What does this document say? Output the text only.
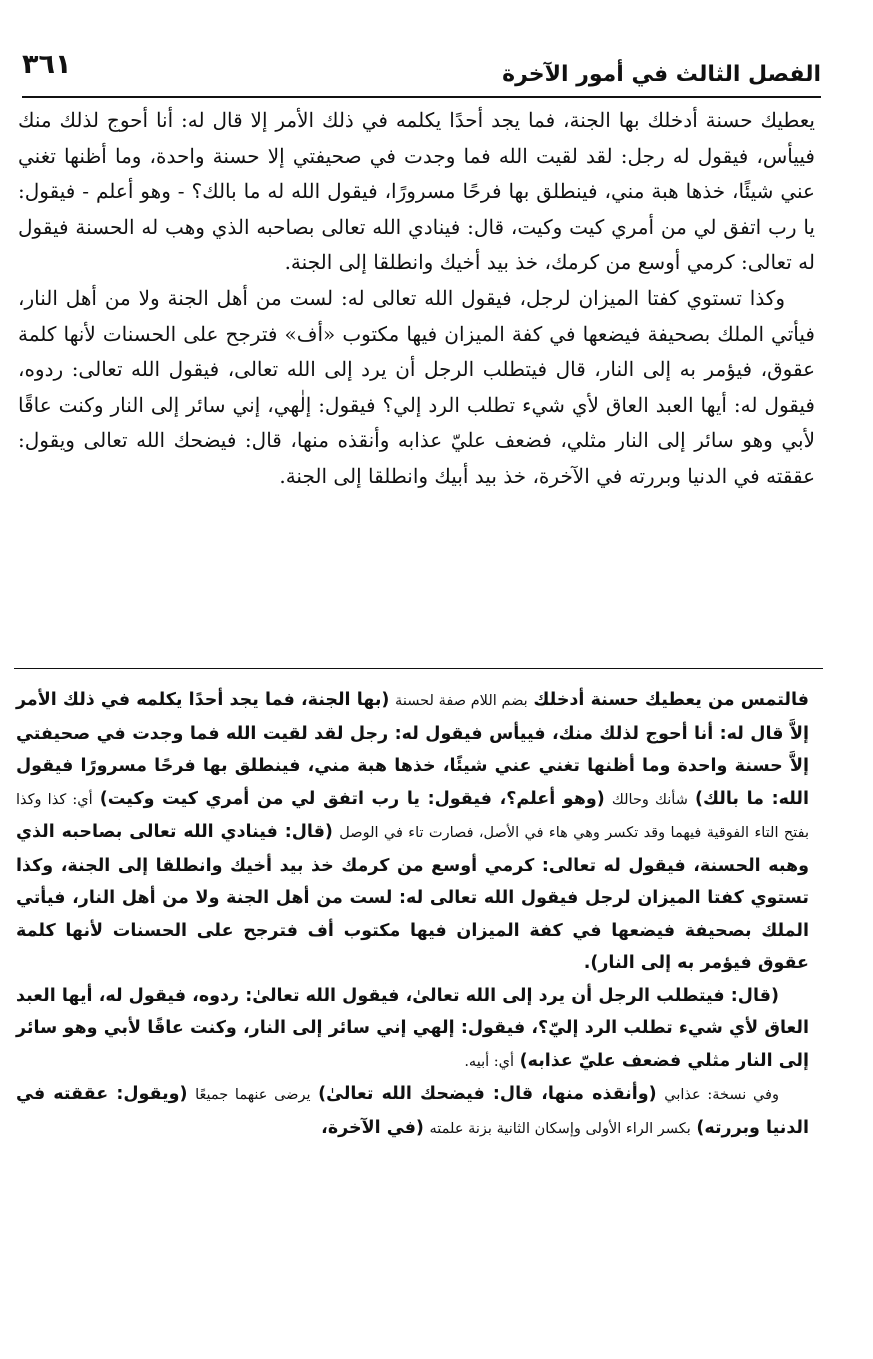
الفصل الثالث في أمور الآخرة
٣٦١

يعطيك حسنة أدخلك بها الجنة، فما يجد أحدًا يكلمه في ذلك الأمر إلا قال له: أنا أحوج لذلك منك فييأس، فيقول له رجل: لقد لقيت الله فما وجدت في صحيفتي إلا حسنة واحدة، وما أظنها تغني عني شيئًا، خذها هبة مني، فينطلق بها فرحًا مسرورًا، فيقول الله له ما بالك؟ - وهو أعلم - فيقول: يا رب اتفق لي من أمري كيت وكيت، قال: فينادي الله تعالى بصاحبه الذي وهب له الحسنة فيقول له تعالى: كرمي أوسع من كرمك، خذ بيد أخيك وانطلقا إلى الجنة.

وكذا تستوي كفتا الميزان لرجل، فيقول الله تعالى له: لست من أهل الجنة ولا من أهل النار، فيأتي الملك بصحيفة فيضعها في كفة الميزان فيها مكتوب «أف» فترجح على الحسنات لأنها كلمة عقوق، فيؤمر به إلى النار، قال فيتطلب الرجل أن يرد إلى الله تعالى، فيقول الله تعالى: ردوه، فيقول له: أيها العبد العاق لأي شيء تطلب الرد إلي؟ فيقول: إلٰهي، إني سائر إلى النار وكنت عاقًا لأبي وهو سائر إلى النار مثلي، فضعف عليّ عذابه وأنقذه منها، قال: فيضحك الله تعالى ويقول: عققته في الدنيا وبررته في الآخرة، خذ بيد أبيك وانطلقا إلى الجنة.

فالتمس من يعطيك حسنة أدخلك بضم اللام صفة لحسنة (بها الجنة، فما يجد أحدًا يكلمه في ذلك الأمر إلاَّ قال له: أنا أحوج لذلك منك، فييأس فيقول له: رجل لقد لقيت الله فما وجدت في صحيفتي إلاَّ حسنة واحدة وما أظنها تغني عني شيئًا، خذها هبة مني، فينطلق بها فرحًا مسرورًا فيقول الله: ما بالك) شأنك وحالك (وهو أعلم؟، فيقول: يا رب اتفق لي من أمري كيت وكيت) أي: كذا وكذا بفتح التاء الفوقية فيهما وقد تكسر وهي هاء في الأصل، فصارت تاء في الوصل (قال: فينادي الله تعالى بصاحبه الذي وهبه الحسنة، فيقول له تعالى: كرمي أوسع من كرمك خذ بيد أخيك وانطلقا إلى الجنة، وكذا تستوي كفتا الميزان لرجل فيقول الله تعالى له: لست من أهل الجنة ولا من أهل النار، فيأتي الملك بصحيفة فيضعها في كفة الميزان فيها مكتوب أف فترجح على الحسنات لأنها كلمة عقوق فيؤمر به إلى النار).

(قال: فيتطلب الرجل أن يرد إلى الله تعالىٰ، فيقول الله تعالىٰ: ردوه، فيقول له، أيها العبد العاق لأي شيء تطلب الرد إليّ؟، فيقول: إلهي إني سائر إلى النار، وكنت عاقًا لأبي وهو سائر إلى النار مثلي فضعف عليّ عذابه) أي: أبيه.

وفي نسخة: عذابي (وأنقذه منها، قال: فيضحك الله تعالىٰ) يرضى عنهما جميعًا (ويقول: عققته في الدنيا وبررته) بكسر الراء الأولى وإسكان الثانية بزنة علمته (في الآخرة،
